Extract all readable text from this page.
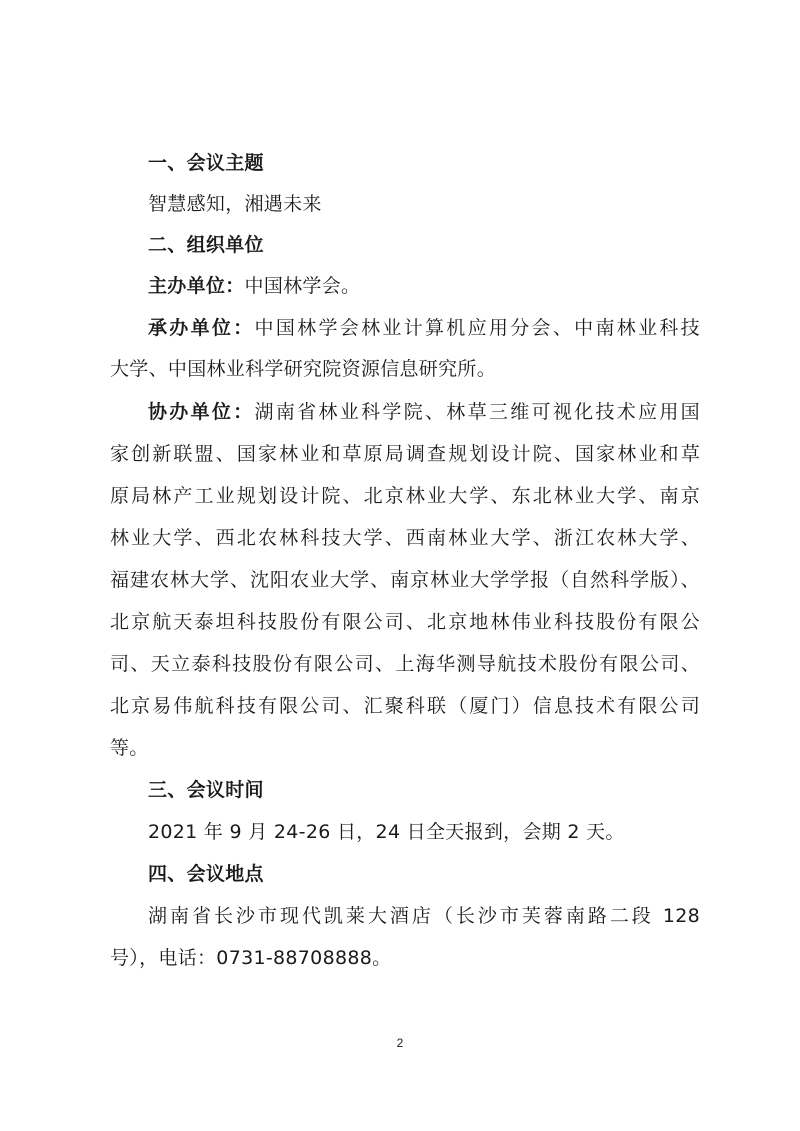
一、会议主题
智慧感知，湘遇未来
二、组织单位
主办单位：中国林学会。
承办单位：中国林学会林业计算机应用分会、中南林业科技
大学、中国林业科学研究院资源信息研究所。
协办单位：湖南省林业科学院、林草三维可视化技术应用国
家创新联盟、国家林业和草原局调查规划设计院、国家林业和草
原局林产工业规划设计院、北京林业大学、东北林业大学、南京
林业大学、西北农林科技大学、西南林业大学、浙江农林大学、
福建农林大学、沈阳农业大学、南京林业大学学报（自然科学版）、
北京航天泰坦科技股份有限公司、北京地林伟业科技股份有限公
司、天立泰科技股份有限公司、上海华测导航技术股份有限公司、
北京易伟航科技有限公司、汇聚科联（厦门）信息技术有限公司
等。
三、会议时间
2021 年 9 月 24-26 日，24 日全天报到，会期 2 天。
四、会议地点
湖南省长沙市现代凯莱大酒店（长沙市芙蓉南路二段 128
号），电话：0731-88708888。
2
